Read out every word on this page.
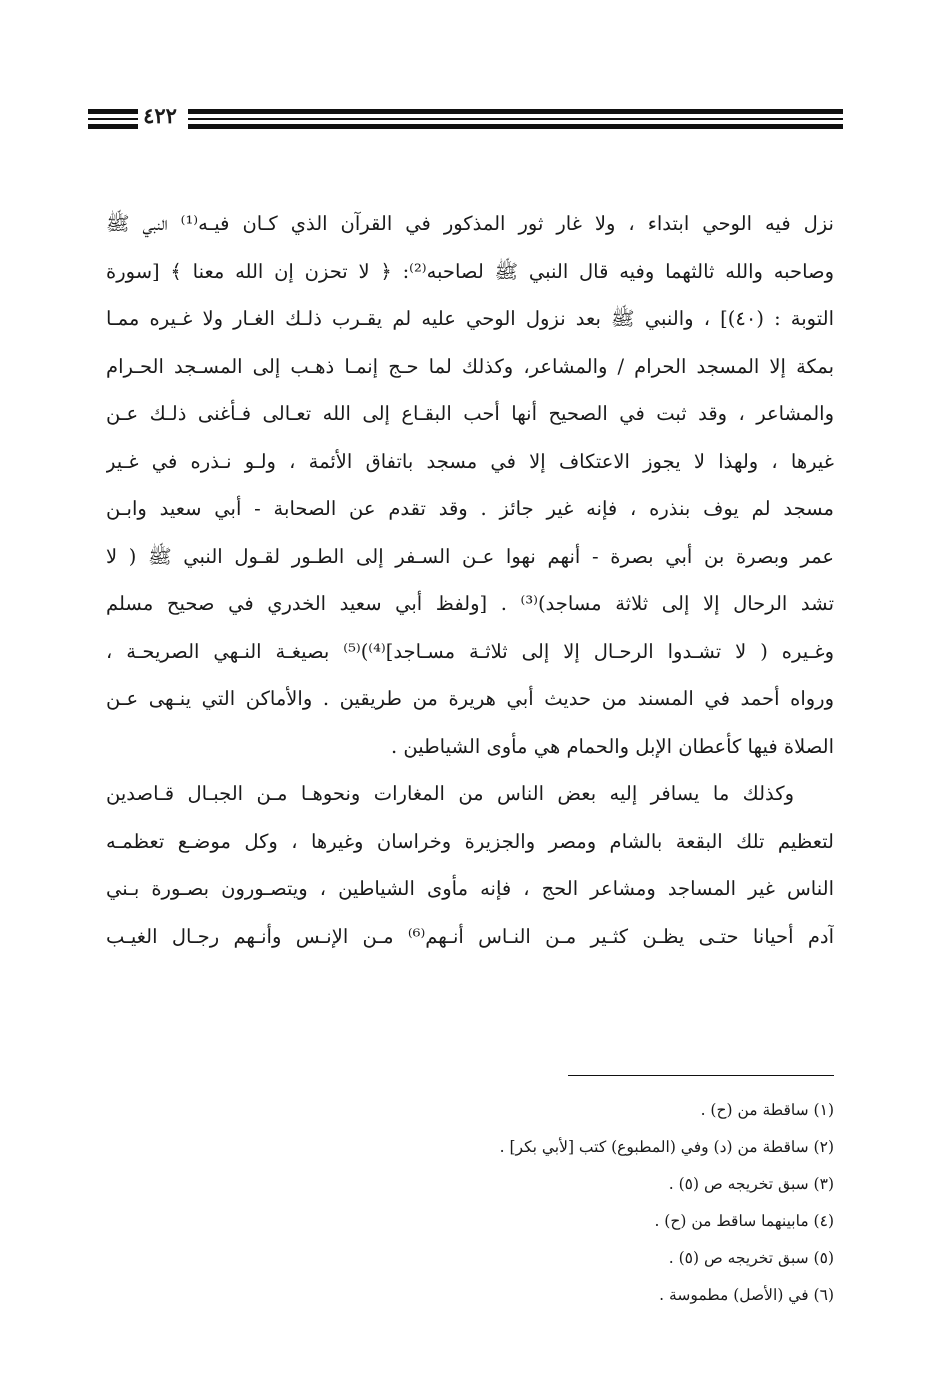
٤٢٢
نزل فيه الوحي ابتداء ، ولا غار ثور المذكور في القرآن الذي كـان فيـه⁽¹⁾ النبي ﷺ
وصاحبه والله ثالثهما وفيه قال النبي ﷺ لصاحبه⁽²⁾: ﴿ لا تحزن إن الله معنا ﴾ [سورة
التوبة : (٤٠)] ، والنبي ﷺ بعد نزول الوحي عليه لم يقـرب ذلـك الغـار ولا غـيره ممـا
بمكة إلا المسجد الحرام / والمشاعر، وكذلك لما حـج إنمـا ذهـب إلى المسـجد الحـرام
والمشاعر ، وقد ثبت في الصحيح أنها أحب البقـاع إلى الله تعـالى فـأغنى ذلـك عـن
غيرها ، ولهذا لا يجوز الاعتكاف إلا في مسجد باتفاق الأئمة ، ولـو نـذره في غـير
مسجد لم يوف بنذره ، فإنه غير جائز . وقد تقدم عن الصحابة - أبي سعيد وابـن
عمر وبصرة بن أبي بصرة - أنهم نهوا عـن السـفر إلى الطـور لقـول النبي ﷺ ( لا
تشد الرحال إلا إلى ثلاثة مساجد)⁽³⁾ . [ولفظ أبي سعيد الخدري في صحيح مسلم
وغـيره ( لا تشـدوا الرحـال إلا إلى ثلاثـة مسـاجد]⁽⁴⁾)⁽⁵⁾ بصيغـة النـهي الصريحـة ،
ورواه أحمد في المسند من حديث أبي هريرة من طريقين . والأماكن التي ينـهى عـن
الصلاة فيها كأعطان الإبل والحمام هي مأوى الشياطين .
وكذلك ما يسافر إليه بعض الناس من المغارات ونحوهـا مـن الجبـال قـاصدين
لتعظيم تلك البقعة بالشام ومصر والجزيرة وخراسان وغيرها ، وكل موضـع تعظمـه
الناس غير المساجد ومشاعر الحج ، فإنه مأوى الشياطين ، ويتصـورون بصـورة بـني
آدم أحيانا حتـى يظـن كثـير مـن النـاس أنـهم⁽⁶⁾ مـن الإنـس وأنـهم رجـال الغيـب
(١) ساقطة من (ح) .
(٢) ساقطة من (د) وفي (المطبوع) كتب [لأبي بكر] .
(٣) سبق تخريجه ص (٥) .
(٤) مابينهما ساقط من (ح) .
(٥) سبق تخريجه ص (٥) .
(٦) في (الأصل) مطموسة .
